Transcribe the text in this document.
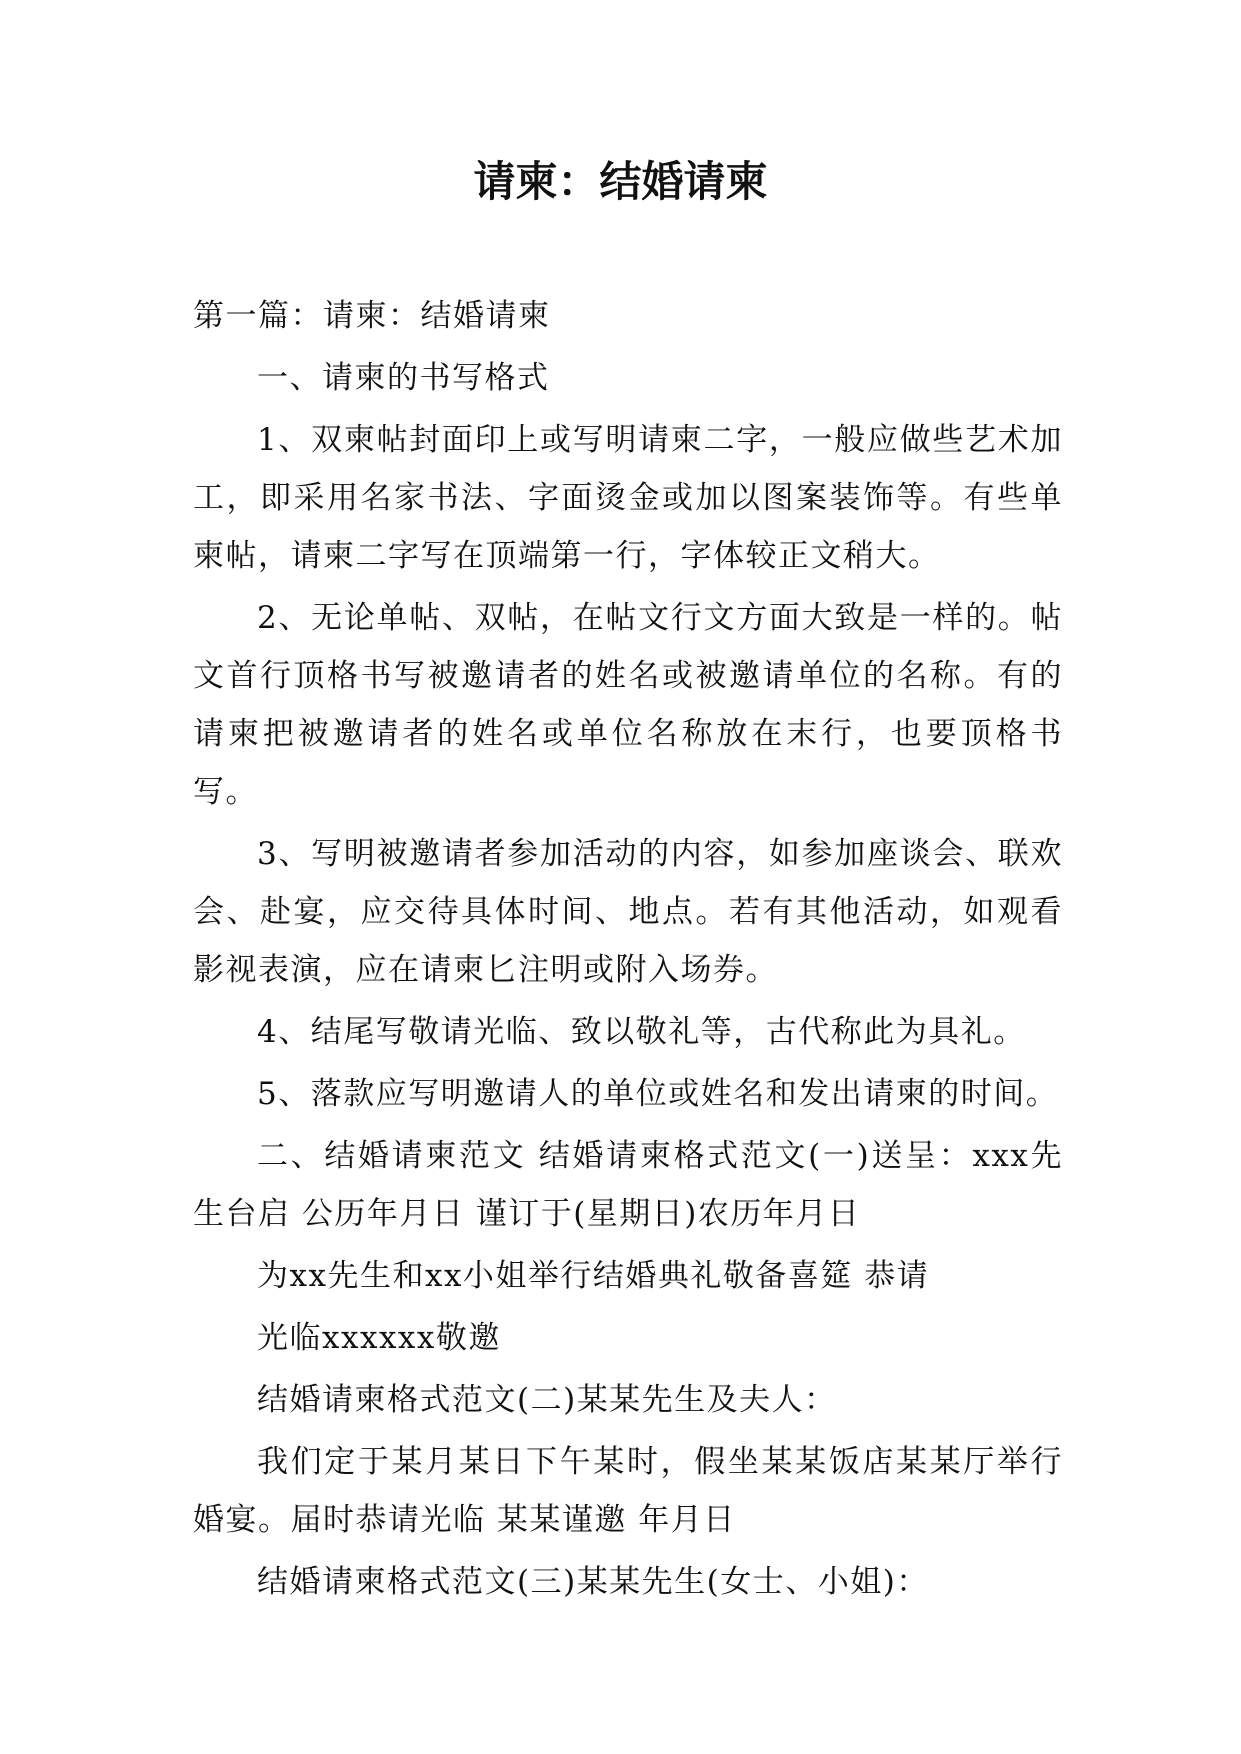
请柬：结婚请柬

第一篇：请柬：结婚请柬

一、请柬的书写格式

1、双柬帖封面印上或写明请柬二字，一般应做些艺术加工，即采用名家书法、字面烫金或加以图案装饰等。有些单柬帖，请柬二字写在顶端第一行，字体较正文稍大。

2、无论单帖、双帖，在帖文行文方面大致是一样的。帖文首行顶格书写被邀请者的姓名或被邀请单位的名称。有的请柬把被邀请者的姓名或单位名称放在末行，也要顶格书写。

3、写明被邀请者参加活动的内容，如参加座谈会、联欢会、赴宴，应交待具体时间、地点。若有其他活动，如观看影视表演，应在请柬匕注明或附入场券。

4、结尾写敬请光临、致以敬礼等，古代称此为具礼。

5、落款应写明邀请人的单位或姓名和发出请柬的时间。

二、结婚请柬范文 结婚请柬格式范文(一)送呈：xxx先生台启 公历年月日 谨订于(星期日)农历年月日

为xx先生和xx小姐举行结婚典礼敬备喜筵 恭请

光临xxxxxx敬邀

结婚请柬格式范文(二)某某先生及夫人：

我们定于某月某日下午某时，假坐某某饭店某某厅举行婚宴。届时恭请光临 某某谨邀 年月日

结婚请柬格式范文(三)某某先生(女士、小姐)：
